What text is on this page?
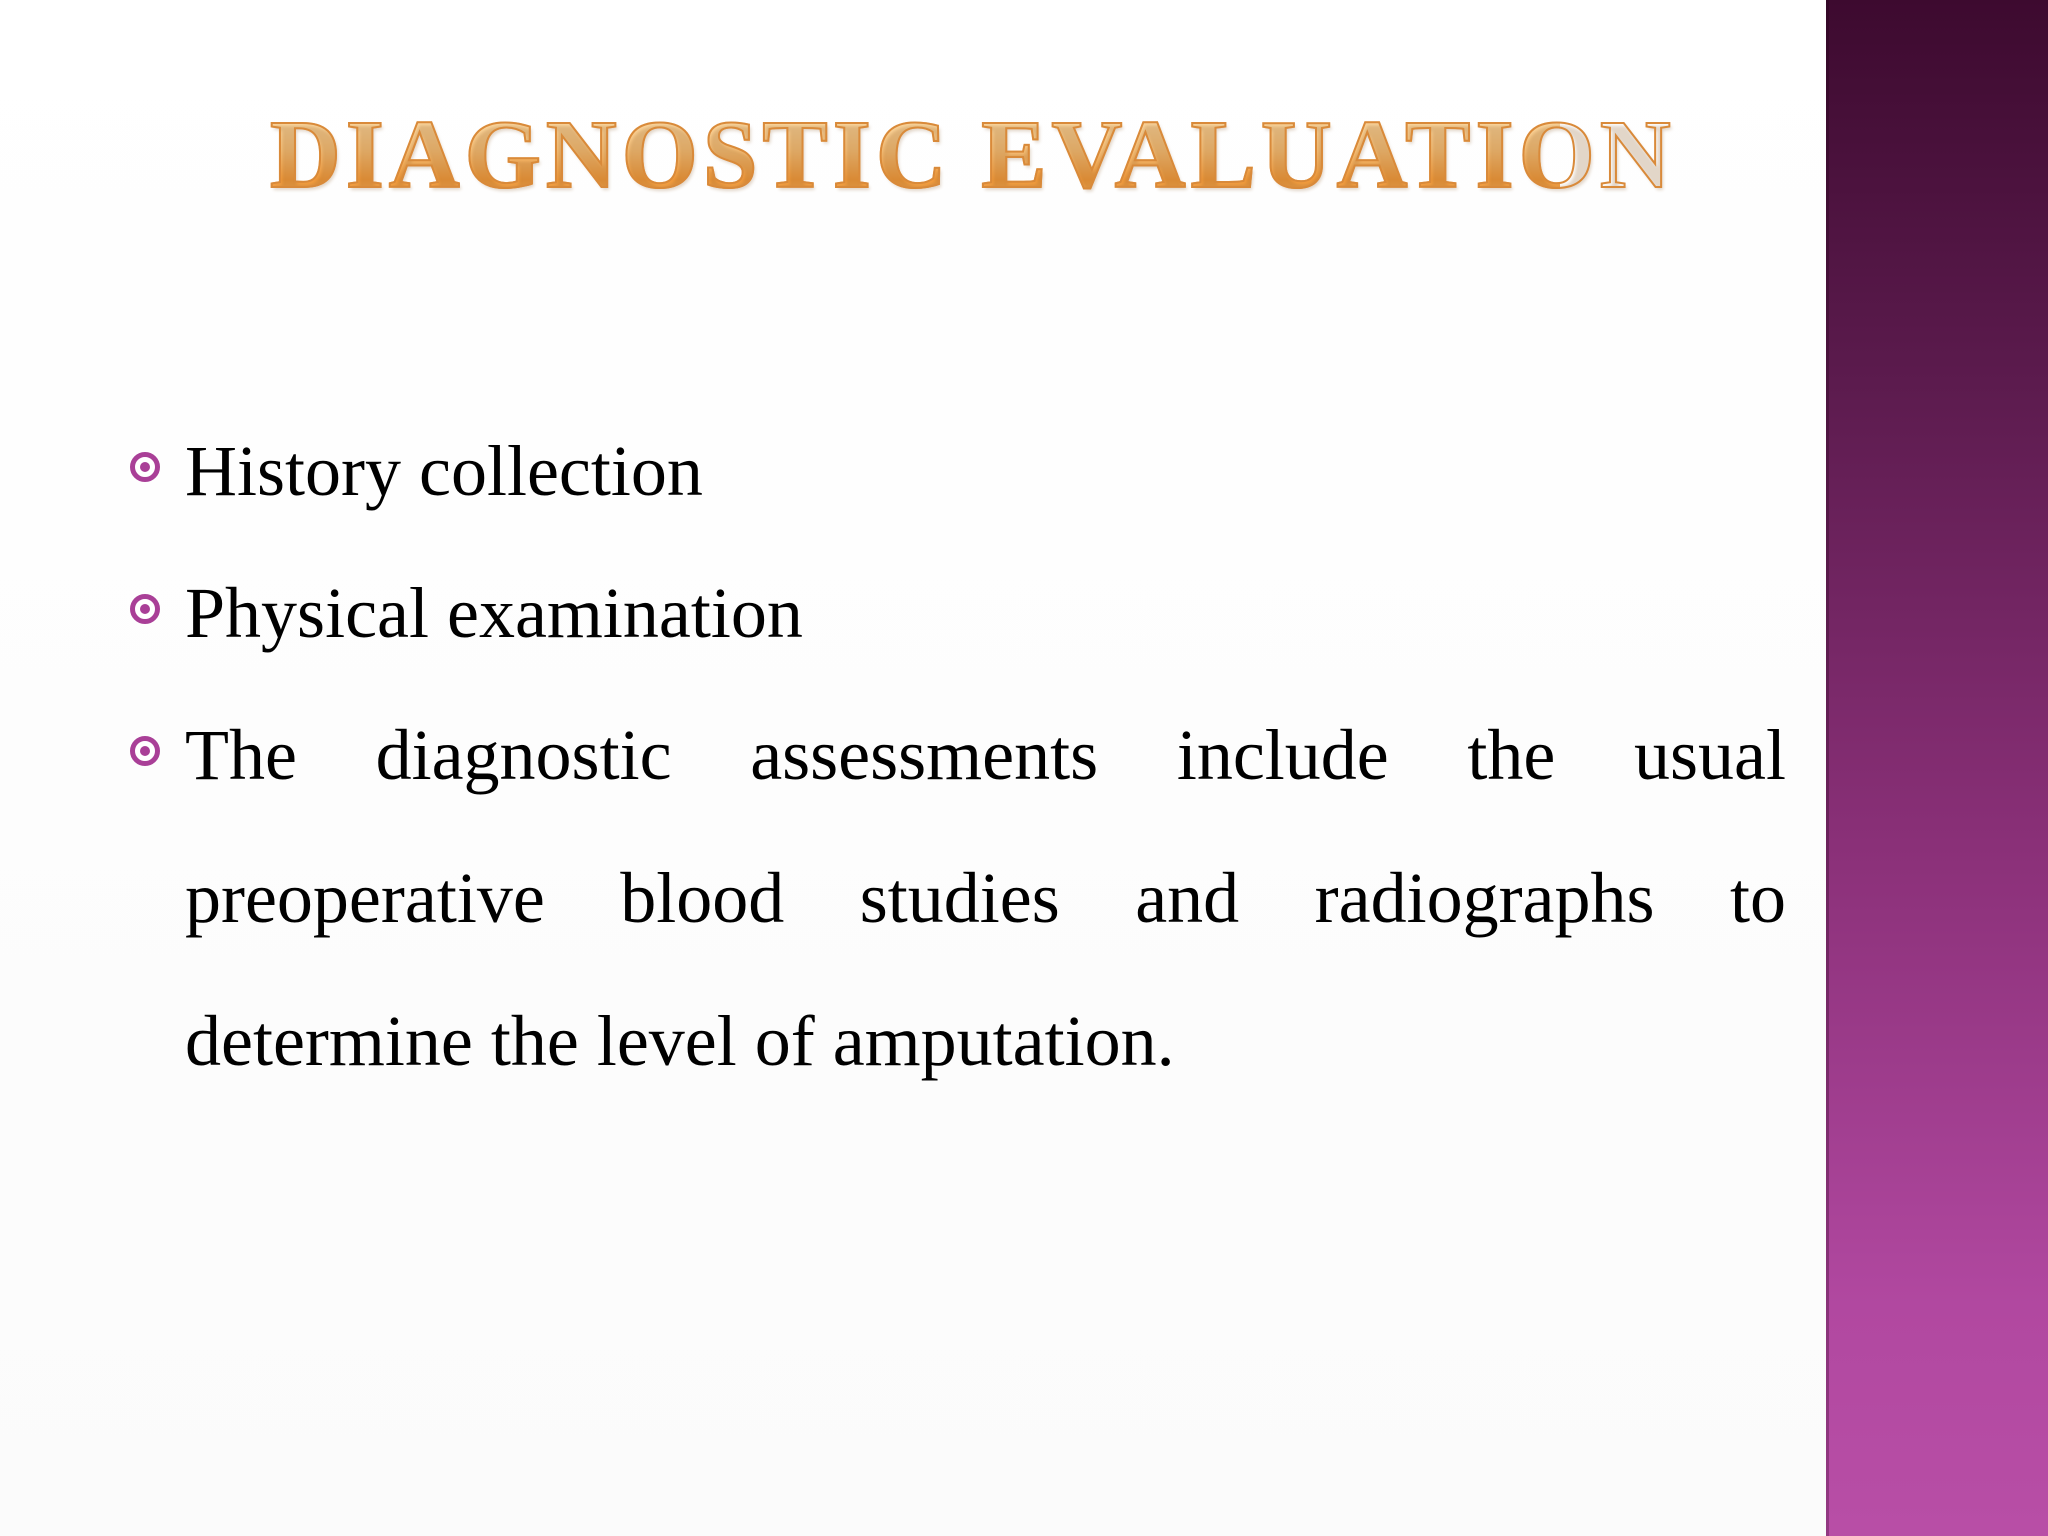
DIAGNOSTIC EVALUATION
History collection
Physical examination
The diagnostic assessments include the usual preoperative blood studies and radiographs to determine the level of amputation.
